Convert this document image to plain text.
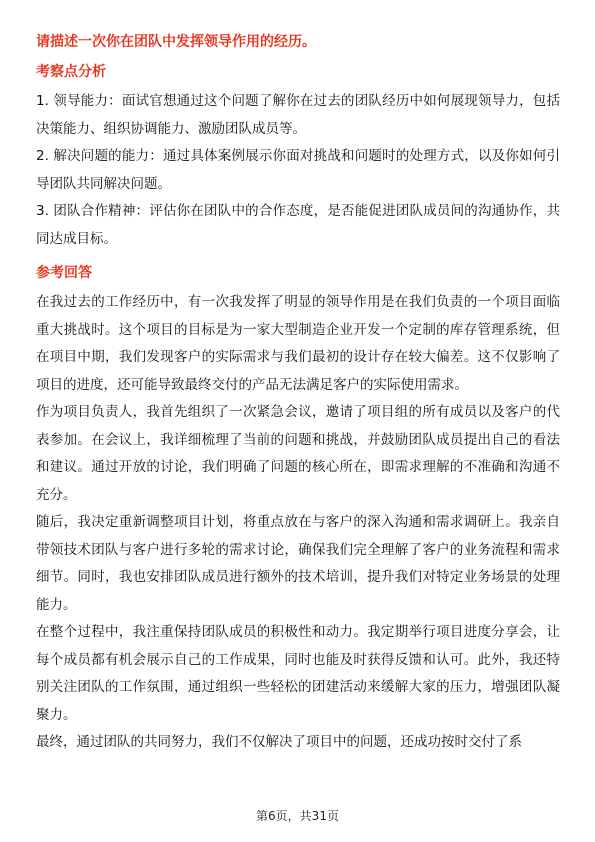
请描述一次你在团队中发挥领导作用的经历。
考察点分析

1. 领导能力：面试官想通过这个问题了解你在过去的团队经历中如何展现领导力，包括决策能力、组织协调能力、激励团队成员等。

2. 解决问题的能力：通过具体案例展示你面对挑战和问题时的处理方式，以及你如何引导团队共同解决问题。

3. 团队合作精神：评估你在团队中的合作态度，是否能促进团队成员间的沟通协作，共同达成目标。

参考回答

在我过去的工作经历中，有一次我发挥了明显的领导作用是在我们负责的一个项目面临重大挑战时。这个项目的目标是为一家大型制造企业开发一个定制的库存管理系统，但在项目中期，我们发现客户的实际需求与我们最初的设计存在较大偏差。这不仅影响了项目的进度，还可能导致最终交付的产品无法满足客户的实际使用需求。

作为项目负责人，我首先组织了一次紧急会议，邀请了项目组的所有成员以及客户的代表参加。在会议上，我详细梳理了当前的问题和挑战，并鼓励团队成员提出自己的看法和建议。通过开放的讨论，我们明确了问题的核心所在，即需求理解的不准确和沟通不充分。

随后，我决定重新调整项目计划，将重点放在与客户的深入沟通和需求调研上。我亲自带领技术团队与客户进行多轮的需求讨论，确保我们完全理解了客户的业务流程和需求细节。同时，我也安排团队成员进行额外的技术培训，提升我们对特定业务场景的处理能力。

在整个过程中，我注重保持团队成员的积极性和动力。我定期举行项目进度分享会，让每个成员都有机会展示自己的工作成果，同时也能及时获得反馈和认可。此外，我还特别关注团队的工作氛围，通过组织一些轻松的团建活动来缓解大家的压力，增强团队凝聚力。

最终，通过团队的共同努力，我们不仅解决了项目中的问题，还成功按时交付了系

第6页，共31页
